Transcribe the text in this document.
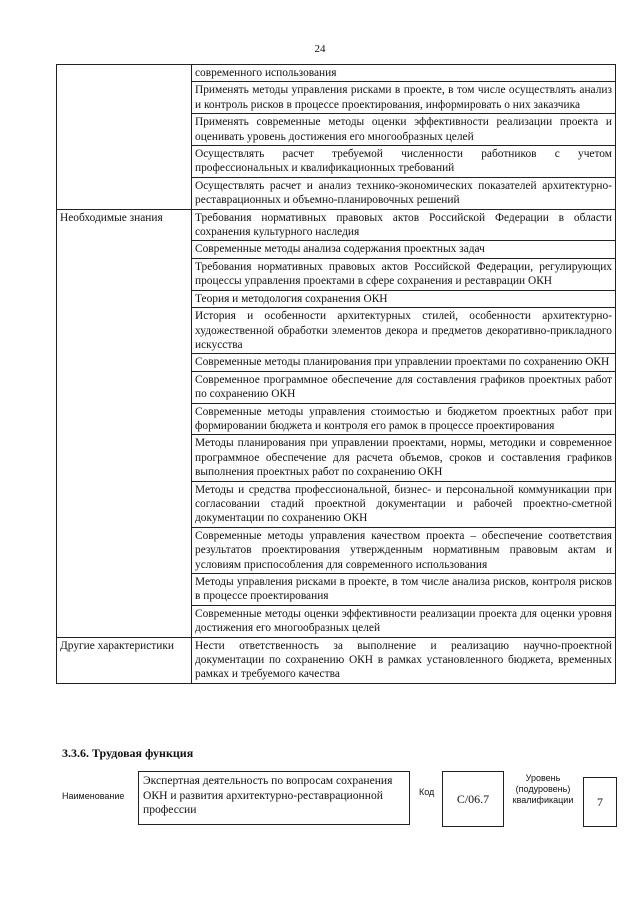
24
	современного использования
	Применять методы управления рисками в проекте, в том числе осуществлять анализ и контроль рисков в процессе проектирования, информировать о них заказчика
	Применять современные методы оценки эффективности реализации проекта и оценивать уровень достижения его многообразных целей
	Осуществлять расчет требуемой численности работников с учетом профессиональных и квалификационных требований
	Осуществлять расчет и анализ технико-экономических показателей архитектурно-реставрационных и объемно-планировочных решений
Необходимые знания	Требования нормативных правовых актов Российской Федерации в области сохранения культурного наследия
	Современные методы анализа содержания проектных задач
	Требования нормативных правовых актов Российской Федерации, регулирующих процессы управления проектами в сфере сохранения и реставрации ОКН
	Теория и методология сохранения ОКН
	История и особенности архитектурных стилей, особенности архитектурно-художественной обработки элементов декора и предметов декоративно-прикладного искусства
	Современные методы планирования при управлении проектами по сохранению ОКН
	Современное программное обеспечение для составления графиков проектных работ по сохранению ОКН
	Современные методы управления стоимостью и бюджетом проектных работ при формировании бюджета и контроля его рамок в процессе проектирования
	Методы планирования при управлении проектами, нормы, методики и современное программное обеспечение для расчета объемов, сроков и составления графиков выполнения проектных работ по сохранению ОКН
	Методы и средства профессиональной, бизнес- и персональной коммуникации при согласовании стадий проектной документации и рабочей проектно-сметной документации по сохранению ОКН
	Современные методы управления качеством проекта – обеспечение соответствия результатов проектирования утвержденным нормативным правовым актам и условиям приспособления для современного использования
	Методы управления рисками в проекте, в том числе анализа рисков, контроля рисков в процессе проектирования
	Современные методы оценки эффективности реализации проекта для оценки уровня достижения его многообразных целей
Другие характеристики	Нести ответственность за выполнение и реализацию научно-проектной документации по сохранению ОКН в рамках установленного бюджета, временных рамках и требуемого качества
3.3.6. Трудовая функция
Наименование
Экспертная деятельность по вопросам сохранения ОКН и развития архитектурно-реставрационной профессии
Код	C/06.7
Уровень (подуровень) квалификации	7
